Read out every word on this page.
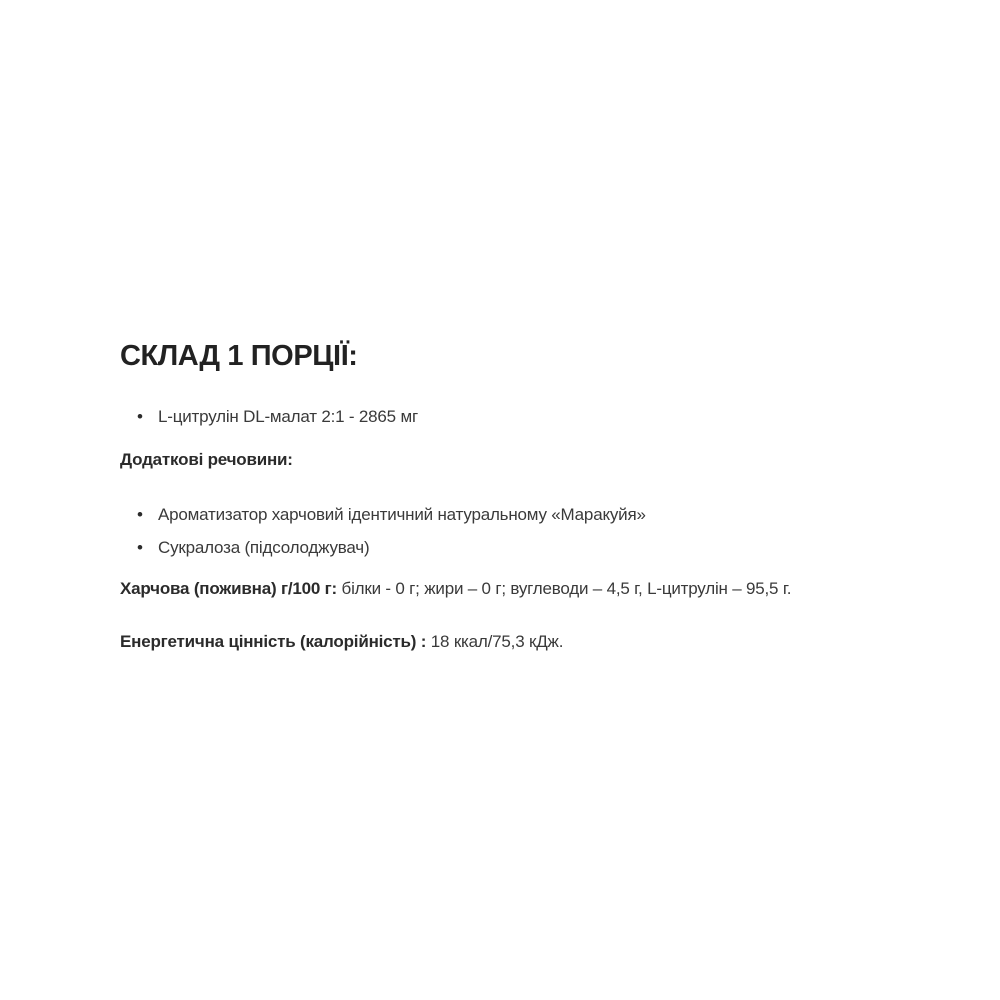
СКЛАД 1 ПОРЦІЇ:
• L-цитрулін DL-малат 2:1 - 2865 мг

Додаткові речовини:

• Ароматизатор харчовий ідентичний натуральному «Маракуйя»
• Сукралоза (підсолоджувач)

Харчова (поживна) г/100 г: білки - 0 г; жири – 0 г; вуглеводи – 4,5 г, L-цитрулін – 95,5 г.

Енергетична цінність (калорійність) : 18 ккал/75,3 кДж.
